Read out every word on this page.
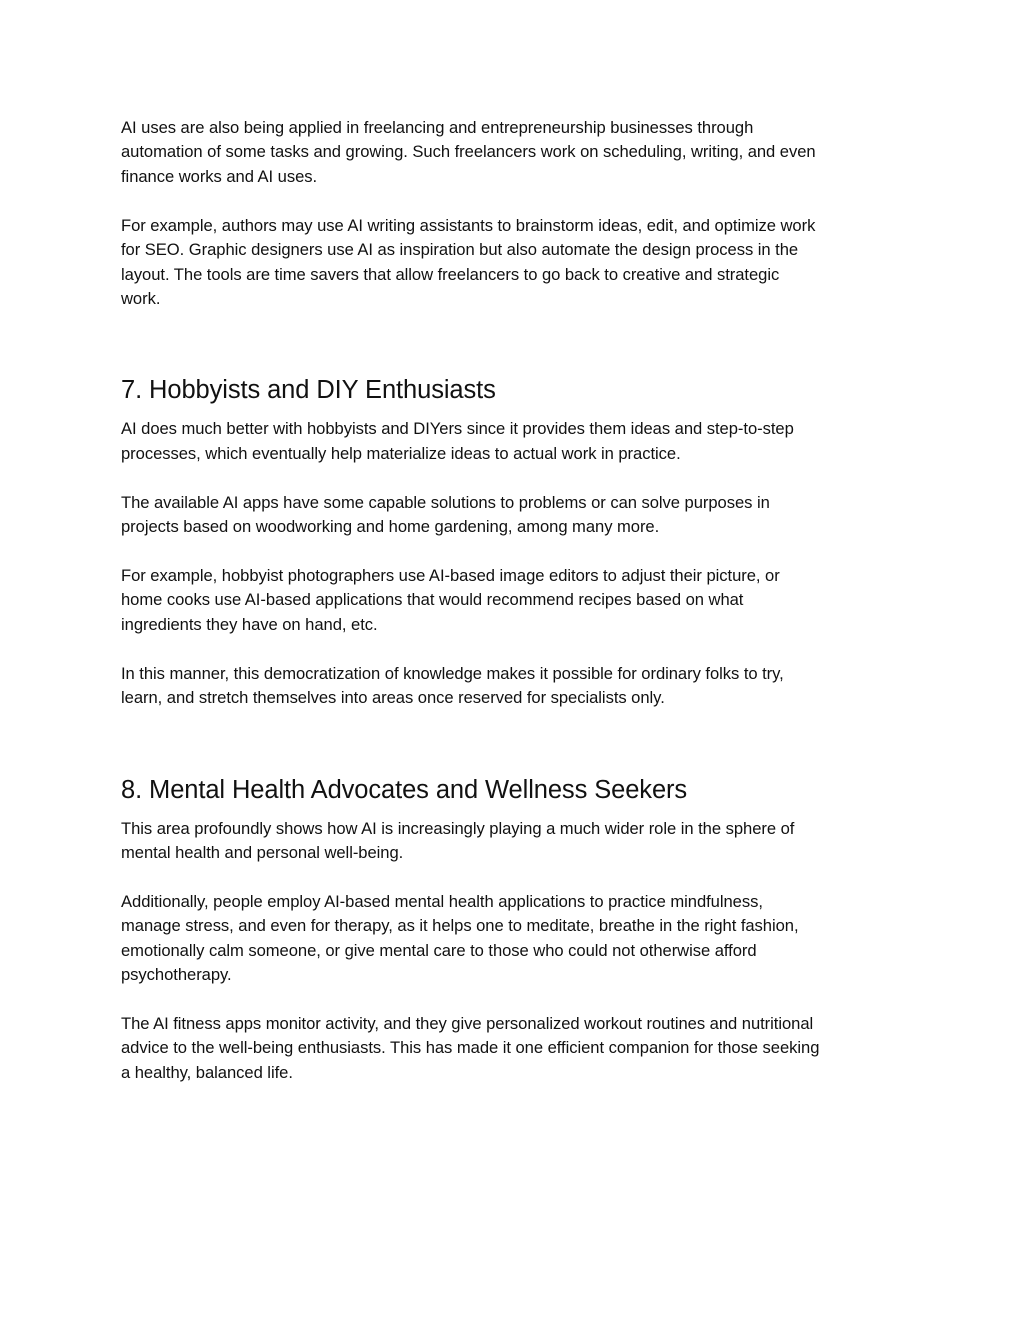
AI uses are also being applied in freelancing and entrepreneurship businesses through
automation of some tasks and growing. Such freelancers work on scheduling, writing, and even
finance works and AI uses.

For example, authors may use AI writing assistants to brainstorm ideas, edit, and optimize work
for SEO. Graphic designers use AI as inspiration but also automate the design process in the
layout. The tools are time savers that allow freelancers to go back to creative and strategic
work.

7. Hobbyists and DIY Enthusiasts

AI does much better with hobbyists and DIYers since it provides them ideas and step-to-step
processes, which eventually help materialize ideas to actual work in practice.

The available AI apps have some capable solutions to problems or can solve purposes in
projects based on woodworking and home gardening, among many more.

For example, hobbyist photographers use AI-based image editors to adjust their picture, or
home cooks use AI-based applications that would recommend recipes based on what
ingredients they have on hand, etc.

In this manner, this democratization of knowledge makes it possible for ordinary folks to try,
learn, and stretch themselves into areas once reserved for specialists only.

8. Mental Health Advocates and Wellness Seekers

This area profoundly shows how AI is increasingly playing a much wider role in the sphere of
mental health and personal well-being.

Additionally, people employ AI-based mental health applications to practice mindfulness,
manage stress, and even for therapy, as it helps one to meditate, breathe in the right fashion,
emotionally calm someone, or give mental care to those who could not otherwise afford
psychotherapy.

The AI fitness apps monitor activity, and they give personalized workout routines and nutritional
advice to the well-being enthusiasts. This has made it one efficient companion for those seeking
a healthy, balanced life.
